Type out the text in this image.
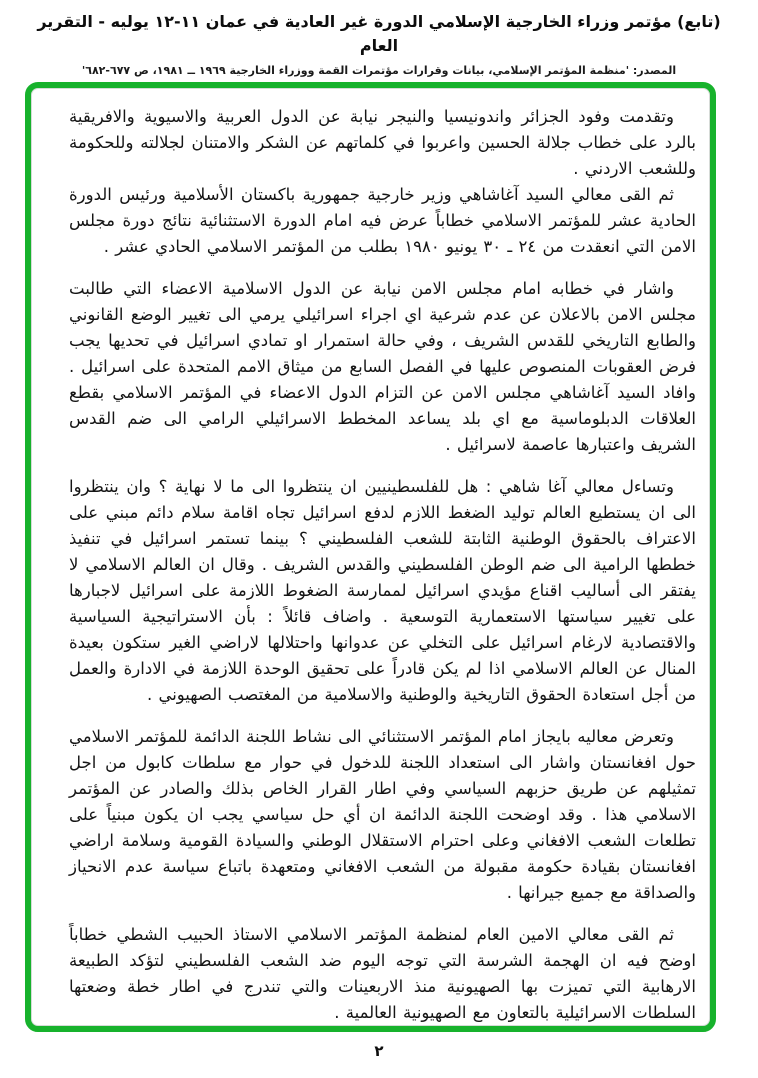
(تابع) مؤتمر وزراء الخارجية الإسلامي الدورة غير العادية في عمان ١١-١٢ يوليه - التقرير العام
المصدر: 'منظمة المؤتمر الإسلامي، بيانات وقرارات مؤتمرات القمة ووزراء الخارجية ١٩٦٩ ــ ١٩٨١، ص ٦٧٧-٦٨٢'

وتقدمت وفود الجزائر واندونيسيا والنيجر نيابة عن الدول العربية والاسيوية والافريقية بالرد على خطاب جلالة الحسين واعربوا في كلماتهم عن الشكر والامتنان لجلالته وللحكومة وللشعب الاردني .

ثم القى معالي السيد آغاشاهي وزير خارجية جمهورية باكستان الأسلامية ورئيس الدورة الحادية عشر للمؤتمر الاسلامي خطاباً عرض فيه امام الدورة الاستثنائية نتائج دورة مجلس الامن التي انعقدت من ٢٤ ـ ٣٠ يونيو ١٩٨٠ بطلب من المؤتمر الاسلامي الحادي عشر .

واشار في خطابه امام مجلس الامن نيابة عن الدول الاسلامية الاعضاء التي طالبت مجلس الامن بالاعلان عن عدم شرعية اي اجراء اسرائيلي يرمي الى تغيير الوضع القانوني والطابع التاريخي للقدس الشريف ، وفي حالة استمرار او تمادي اسرائيل في تحديها يجب فرض العقوبات المنصوص عليها في الفصل السابع من ميثاق الامم المتحدة على اسرائيل . وافاد السيد آغاشاهي مجلس الامن عن التزام الدول الاعضاء في المؤتمر الاسلامي بقطع العلاقات الدبلوماسية مع اي بلد يساعد المخطط الاسرائيلي الرامي الى ضم القدس الشريف واعتبارها عاصمة لاسرائيل .

وتساءل معالي آغا شاهي : هل للفلسطينيين ان ينتظروا الى ما لا نهاية ؟ وان ينتظروا الى ان يستطيع العالم توليد الضغط اللازم لدفع اسرائيل تجاه اقامة سلام دائم مبني على الاعتراف بالحقوق الوطنية الثابتة للشعب الفلسطيني ؟ بينما تستمر اسرائيل في تنفيذ خططها الرامية الى ضم الوطن الفلسطيني والقدس الشريف . وقال ان العالم الاسلامي لا يفتقر الى أساليب اقناع مؤيدي اسرائيل لممارسة الضغوط اللازمة على اسرائيل لاجبارها على تغيير سياستها الاستعمارية التوسعية . واضاف قائلاً : بأن الاستراتيجية السياسية والاقتصادية لارغام اسرائيل على التخلي عن عدوانها واحتلالها لاراضي الغير ستكون بعيدة المنال عن العالم الاسلامي اذا لم يكن قادراً على تحقيق الوحدة اللازمة في الادارة والعمل من أجل استعادة الحقوق التاريخية والوطنية والاسلامية من المغتصب الصهيوني .

وتعرض معاليه بايجاز امام المؤتمر الاستثنائي الى نشاط اللجنة الدائمة للمؤتمر الاسلامي حول افغانستان واشار الى استعداد اللجنة للدخول في حوار مع سلطات كابول من اجل تمثيلهم عن طريق حزبهم السياسي وفي اطار القرار الخاص بذلك والصادر عن المؤتمر الاسلامي هذا . وقد اوضحت اللجنة الدائمة ان أي حل سياسي يجب ان يكون مبنياً على تطلعات الشعب الافغاني وعلى احترام الاستقلال الوطني والسيادة القومية وسلامة اراضي افغانستان بقيادة حكومة مقبولة من الشعب الافغاني ومتعهدة باتباع سياسة عدم الانحياز والصداقة مع جميع جيرانها .

ثم القى معالي الامين العام لمنظمة المؤتمر الاسلامي الاستاذ الحبيب الشطي خطاباً اوضح فيه ان الهجمة الشرسة التي توجه اليوم ضد الشعب الفلسطيني لتؤكد الطبيعة الارهابية التي تميزت بها الصهيونية منذ الاربعينات والتي تندرج في اطار خطة وضعتها السلطات الاسرائيلية بالتعاون مع الصهيونية العالمية .

٢
